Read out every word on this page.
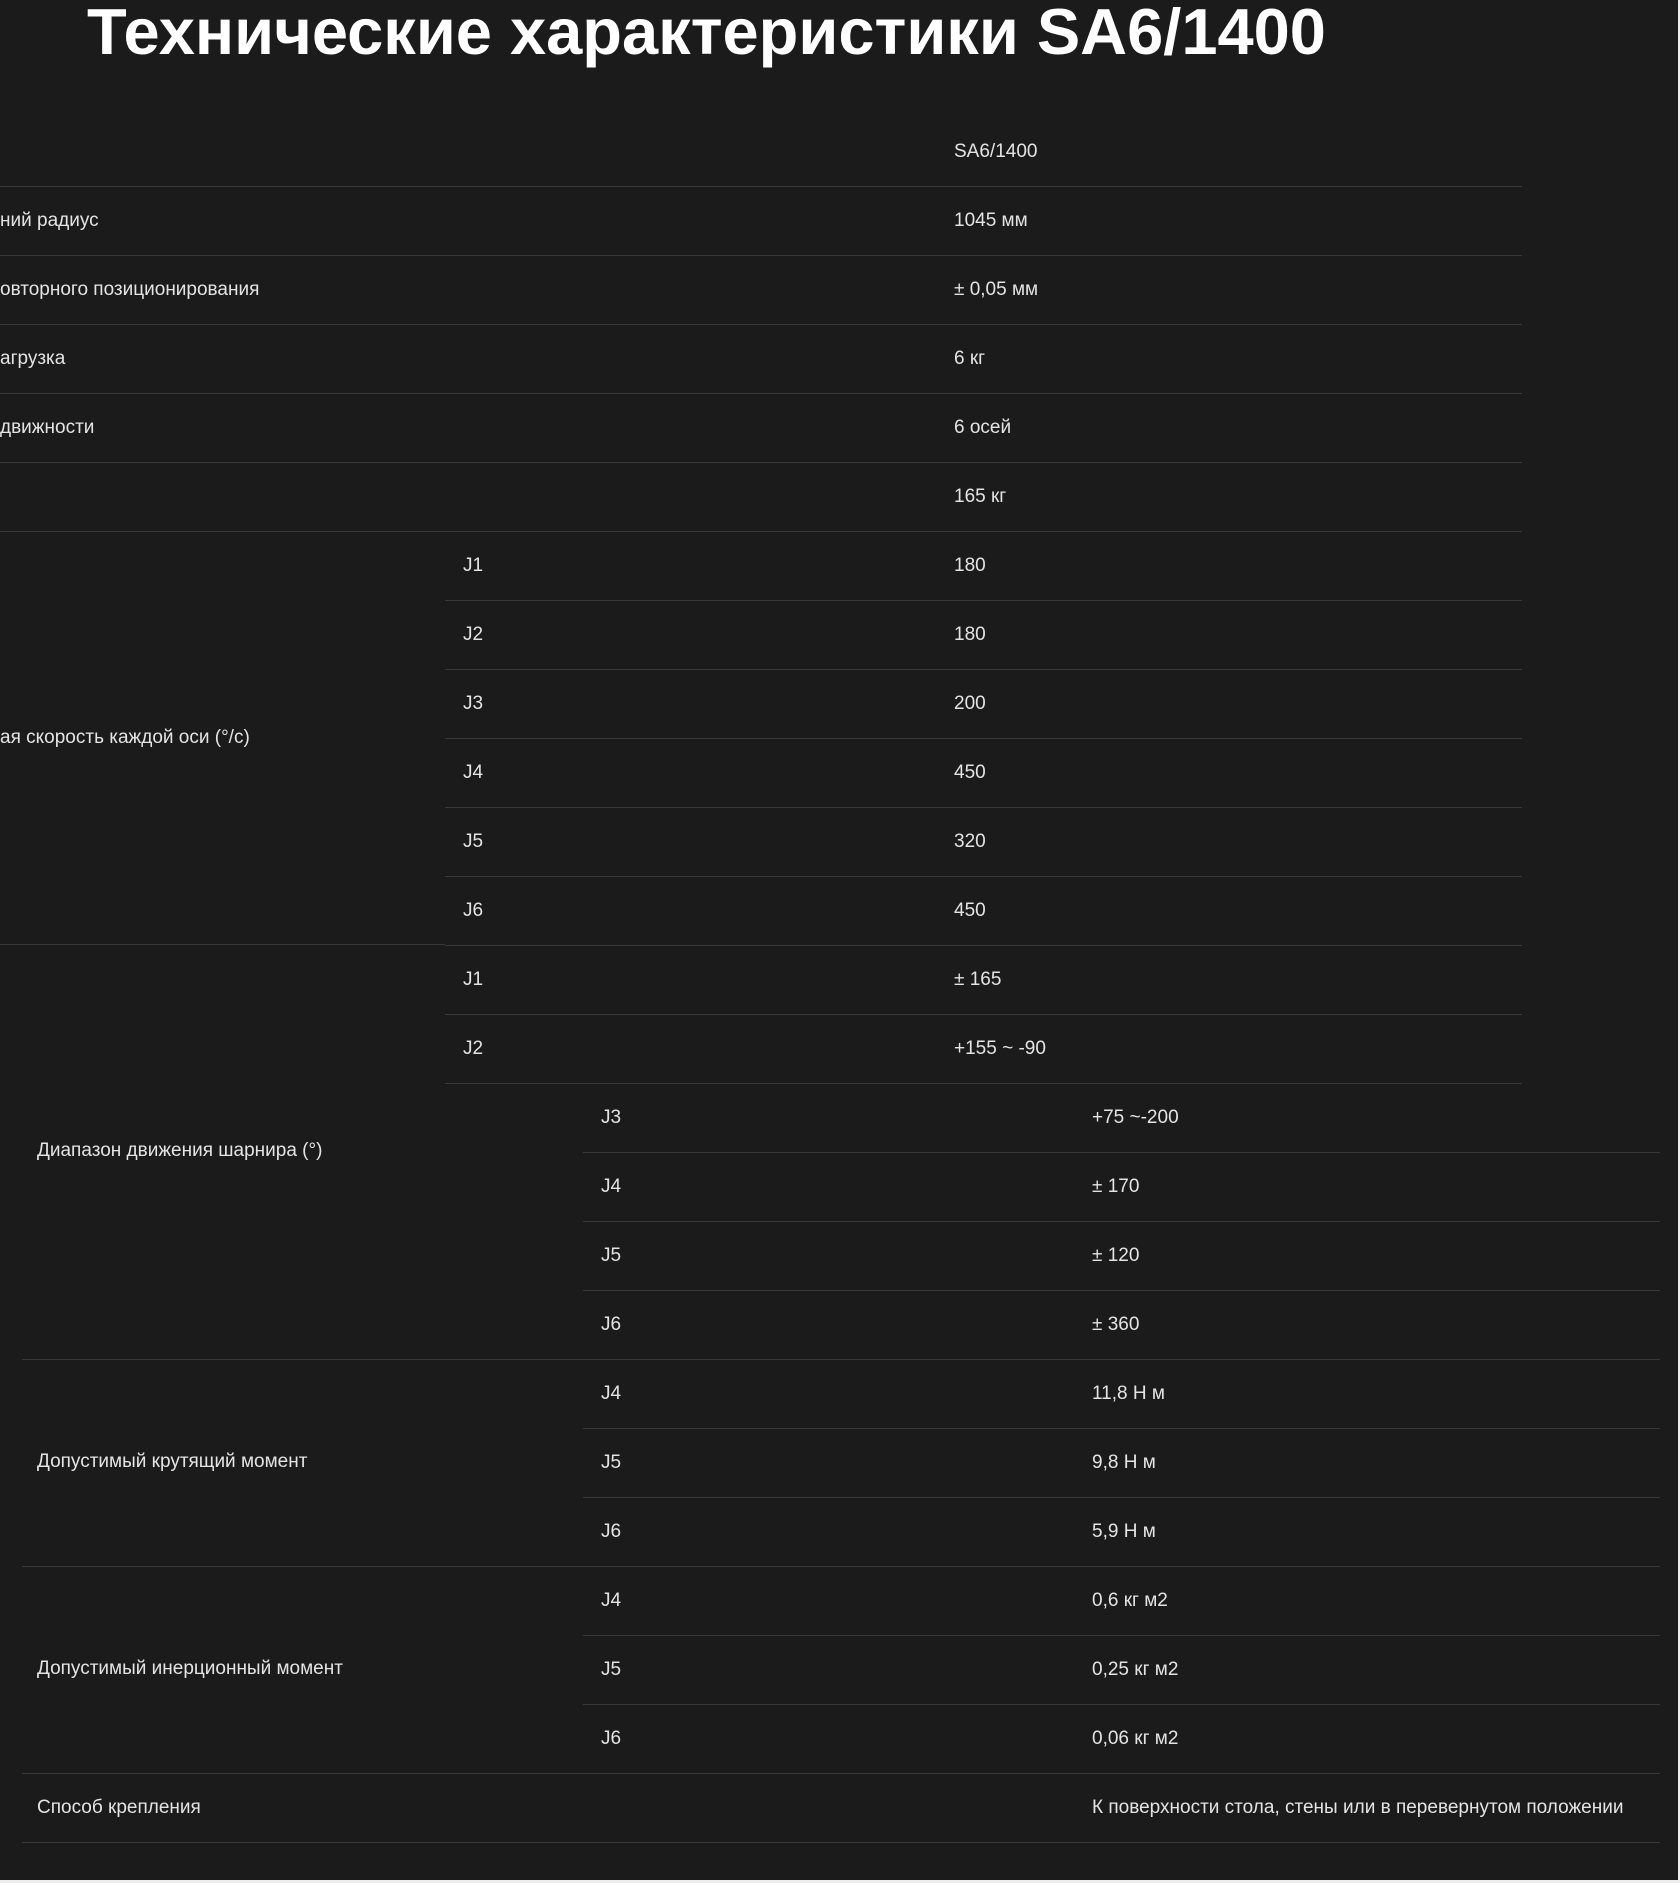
Технические характеристики SA6/1400
SA6/1400
ний радиус	1045 мм
овторного позиционирования	± 0,05 мм
агрузка	6 кг
движности	6 осей
165 кг
ая скорость каждой оси (°/с)
J1	180
J2	180
J3	200
J4	450
J5	320
J6	450
Диапазон движения шарнира (°)
J1	± 165
J2	+155 ~ -90
J3	+75 ~-200
J4	± 170
J5	± 120
J6	± 360
Допустимый крутящий момент
J4	11,8 Н м
J5	9,8 Н м
J6	5,9 Н м
Допустимый инерционный момент
J4	0,6 кг м2
J5	0,25 кг м2
J6	0,06 кг м2
Способ крепления	К поверхности стола, стены или в перевернутом положении
